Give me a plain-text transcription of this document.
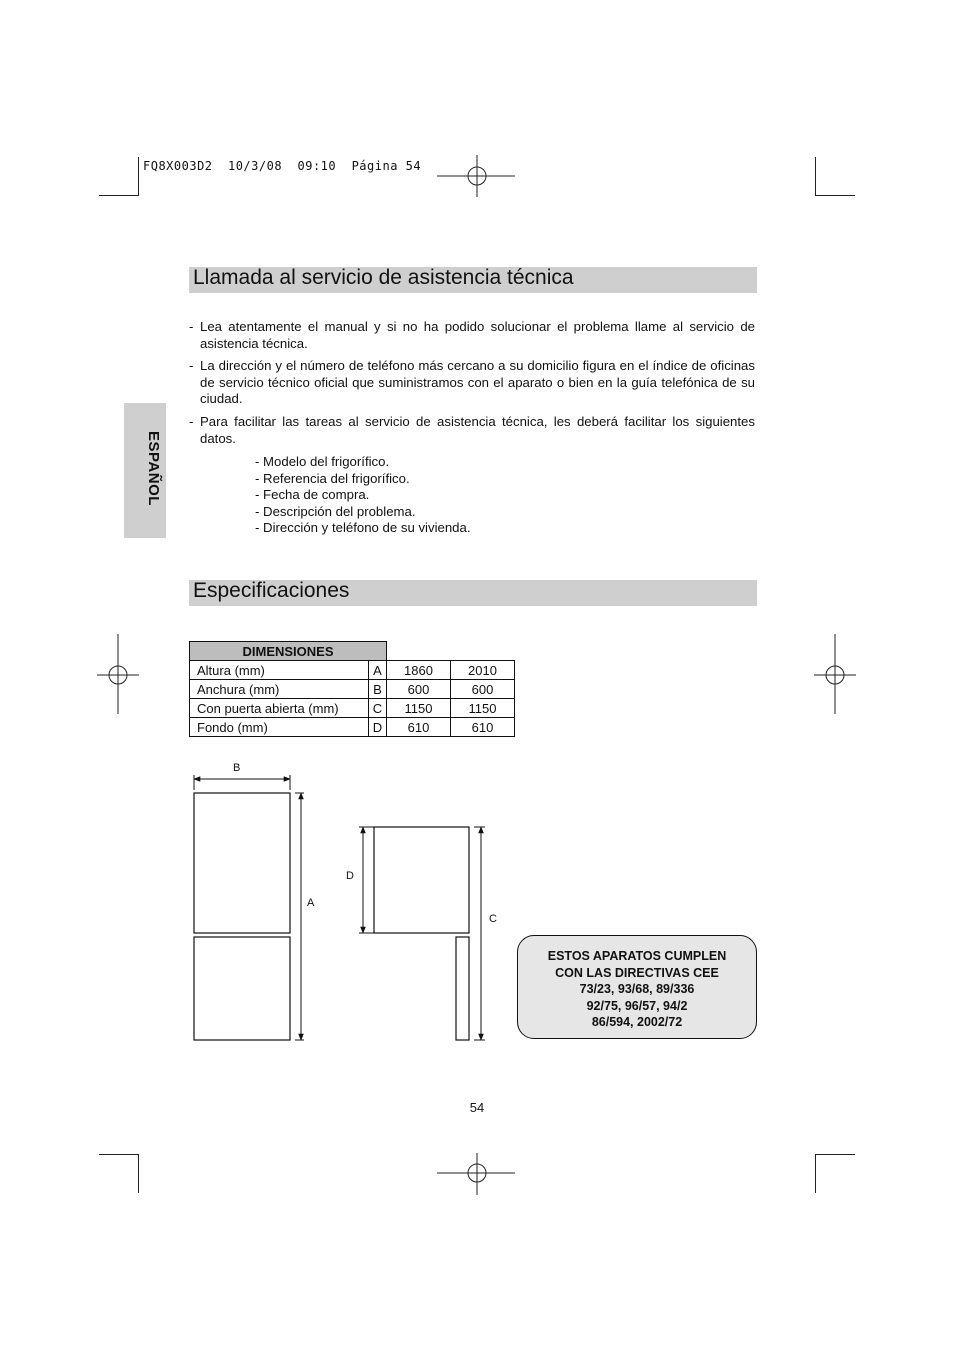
FQ8X003D2  10/3/08  09:10  Página 54
ESPAÑOL
Llamada al servicio de asistencia técnica
- Lea atentamente el manual y si no ha podido solucionar el problema llame al servicio de asistencia técnica.
- La dirección y el número de teléfono más cercano a su domicilio figura en el índice de oficinas de servicio técnico oficial que suministramos con el aparato o bien en la guía telefónica de su ciudad.
- Para facilitar las tareas al servicio de asistencia técnica, les deberá facilitar los siguientes datos.
- Modelo del frigorífico.
- Referencia del frigorífico.
- Fecha de compra.
- Descripción del problema.
- Dirección y teléfono de su vivienda.
Especificaciones
DIMENSIONES			
Altura (mm)	A	1860	2010
Anchura (mm)	B	600	600
Con puerta abierta (mm)	C	1150	1150
Fondo (mm)	D	610	610
B
A
D
C
ESTOS APARATOS CUMPLEN
CON LAS DIRECTIVAS CEE
73/23, 93/68, 89/336
92/75, 96/57, 94/2
86/594, 2002/72
54
